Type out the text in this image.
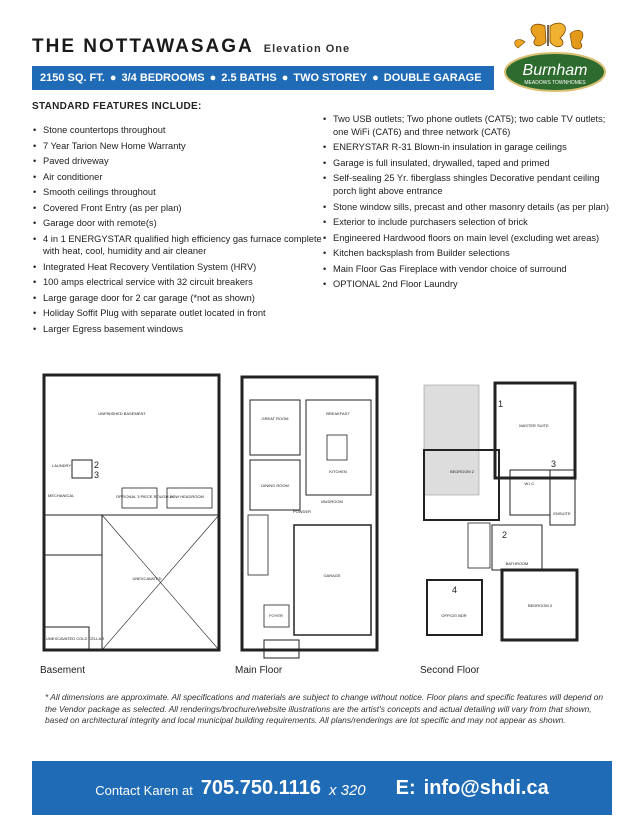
THE NOTTAWASAGA Elevation One
2150 SQ. FT. ● 3/4 BEDROOMS ● 2.5 BATHS ● TWO STOREY ● DOUBLE GARAGE	Burnham
MEADOWS TOWNHOMES
STANDARD FEATURES INCLUDE:
• Stone countertops throughout
• 7 Year Tarion New Home Warranty
• Paved driveway
• Air conditioner
• Smooth ceilings throughout
• Covered Front Entry (as per plan)
• Garage door with remote(s)
• 4 in 1 ENERGYSTAR qualified high efficiency gas furnace complete with heat, cool, humidity and air cleaner
• Integrated Heat Recovery Ventilation System (HRV)
• 100 amps electrical service with 32 circuit breakers
• Large garage door for 2 car garage (*not as shown)
• Holiday Soffit Plug with separate outlet located in front
• Larger Egress basement windows
• Two USB outlets; Two phone outlets (CAT5); two cable TV outlets; one WiFi (CAT6) and three network (CAT6)
• ENERYSTAR R-31 Blown-in insulation in garage ceilings
• Garage is full insulated, drywalled, taped and primed
• Self-sealing 25 Yr. fiberglass shingles Decorative pendant ceiling porch light above entrance
• Stone window sills, precast and other masonry details (as per plan)
• Exterior to include purchasers selection of brick
• Engineered Hardwood floors on main level (excluding wet areas)
• Kitchen backsplash from Builder selections
• Main Floor Gas Fireplace with vendor choice of surround
• OPTIONAL 2nd Floor Laundry
UNFINISHED BASEMENT
LAUNDRY
MECHANICAL	OPTIONAL 3 PIECE ROUGH-IN
LOW HEADROOM
UNEXCAVATED
UNEXCAVATED COLD CELLAR
2
3
Basement
GREAT ROOM
BREAKFAST
KITCHEN
DINING ROOM
MUDROOM
POWDER
GARAGE
FOYER
PORCH
Main Floor
MASTER SUITE
BEDROOM 2
W.I.C.
ENSUITE
BATHROOM
BEDROOM 3
OFFICE/ BDR
1
2
3
4
Second Floor
* All dimensions are approximate. All specifications and materials are subject to change without notice. Floor plans and specific features will depend on the Vendor package as selected. All renderings/brochure/website illustrations are the artist's concepts and actual detailing will vary from that shown, based on architectural integrity and local municipal building requirements. All plans/renderings are lot specific and may not appear as shown.
Contact Karen at 705.750.1116 x 320 E: info@shdi.ca
